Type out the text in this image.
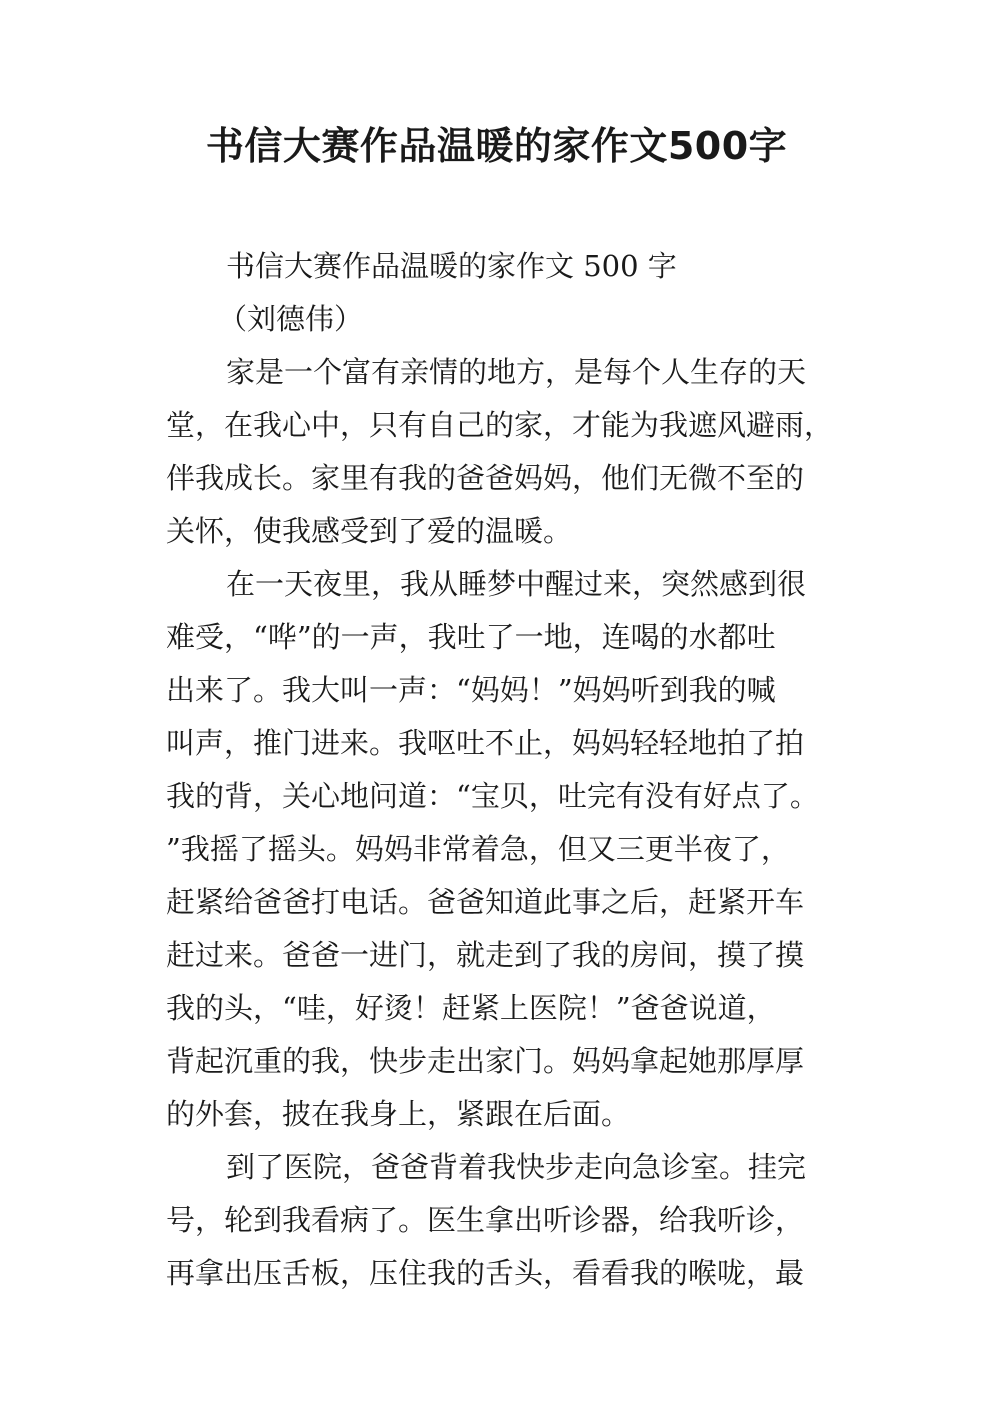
书信大赛作品温暖的家作文500字
书信大赛作品温暖的家作文 500 字
（刘德伟）
家是一个富有亲情的地方，是每个人生存的天
堂，在我心中，只有自己的家，才能为我遮风避雨，
伴我成长。家里有我的爸爸妈妈，他们无微不至的
关怀，使我感受到了爱的温暖。
在一天夜里，我从睡梦中醒过来，突然感到很
难受，“哗”的一声，我吐了一地，连喝的水都吐
出来了。我大叫一声：“妈妈！”妈妈听到我的喊
叫声，推门进来。我呕吐不止，妈妈轻轻地拍了拍
我的背，关心地问道：“宝贝，吐完有没有好点了。
”我摇了摇头。妈妈非常着急，但又三更半夜了，
赶紧给爸爸打电话。爸爸知道此事之后，赶紧开车
赶过来。爸爸一进门，就走到了我的房间，摸了摸
我的头，“哇，好烫！赶紧上医院！”爸爸说道，
背起沉重的我，快步走出家门。妈妈拿起她那厚厚
的外套，披在我身上，紧跟在后面。
到了医院，爸爸背着我快步走向急诊室。挂完
号，轮到我看病了。医生拿出听诊器，给我听诊，
再拿出压舌板，压住我的舌头，看看我的喉咙，最
